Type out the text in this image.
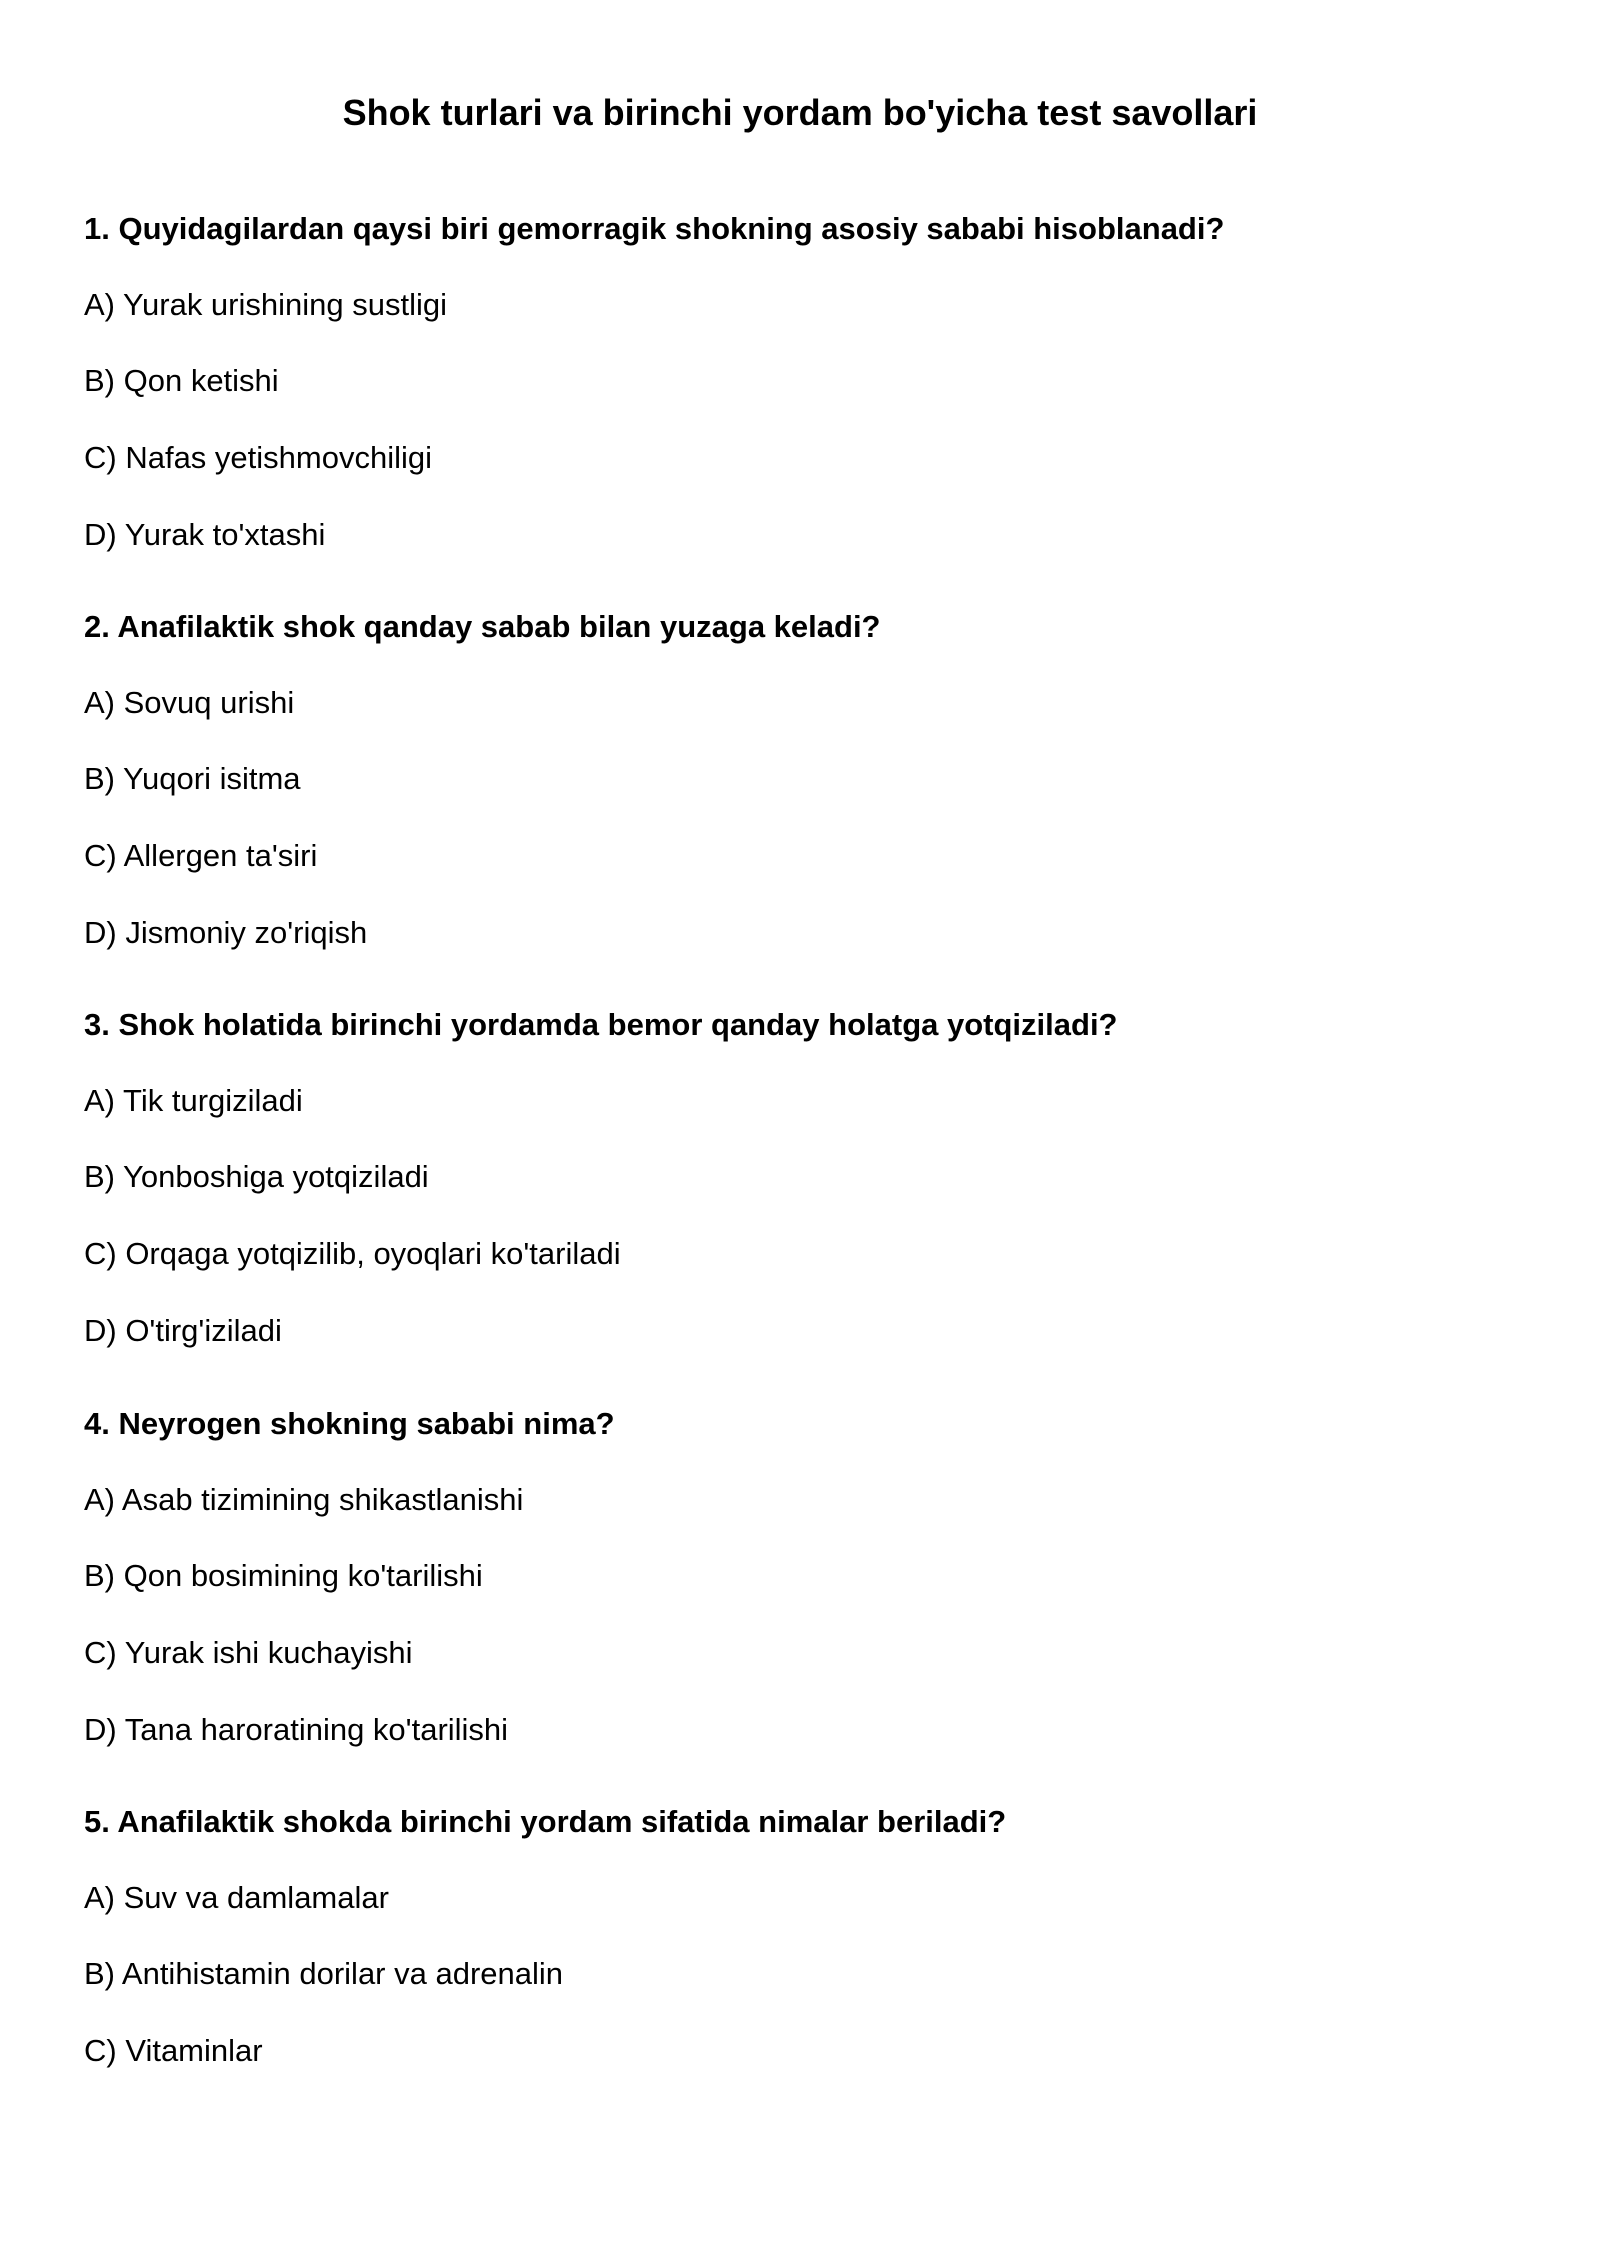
Shok turlari va birinchi yordam bo'yicha test savollari
1. Quyidagilardan qaysi biri gemorragik shokning asosiy sababi hisoblanadi?
A) Yurak urishining sustligi
B) Qon ketishi
C) Nafas yetishmovchiligi
D) Yurak to'xtashi
2. Anafilaktik shok qanday sabab bilan yuzaga keladi?
A) Sovuq urishi
B) Yuqori isitma
C) Allergen ta'siri
D) Jismoniy zo'riqish
3. Shok holatida birinchi yordamda bemor qanday holatga yotqiziladi?
A) Tik turgiziladi
B) Yonboshiga yotqiziladi
C) Orqaga yotqizilib, oyoqlari ko'tariladi
D) O'tirg'iziladi
4. Neyrogen shokning sababi nima?
A) Asab tizimining shikastlanishi
B) Qon bosimining ko'tarilishi
C) Yurak ishi kuchayishi
D) Tana haroratining ko'tarilishi
5. Anafilaktik shokda birinchi yordam sifatida nimalar beriladi?
A) Suv va damlamalar
B) Antihistamin dorilar va adrenalin
C) Vitaminlar
